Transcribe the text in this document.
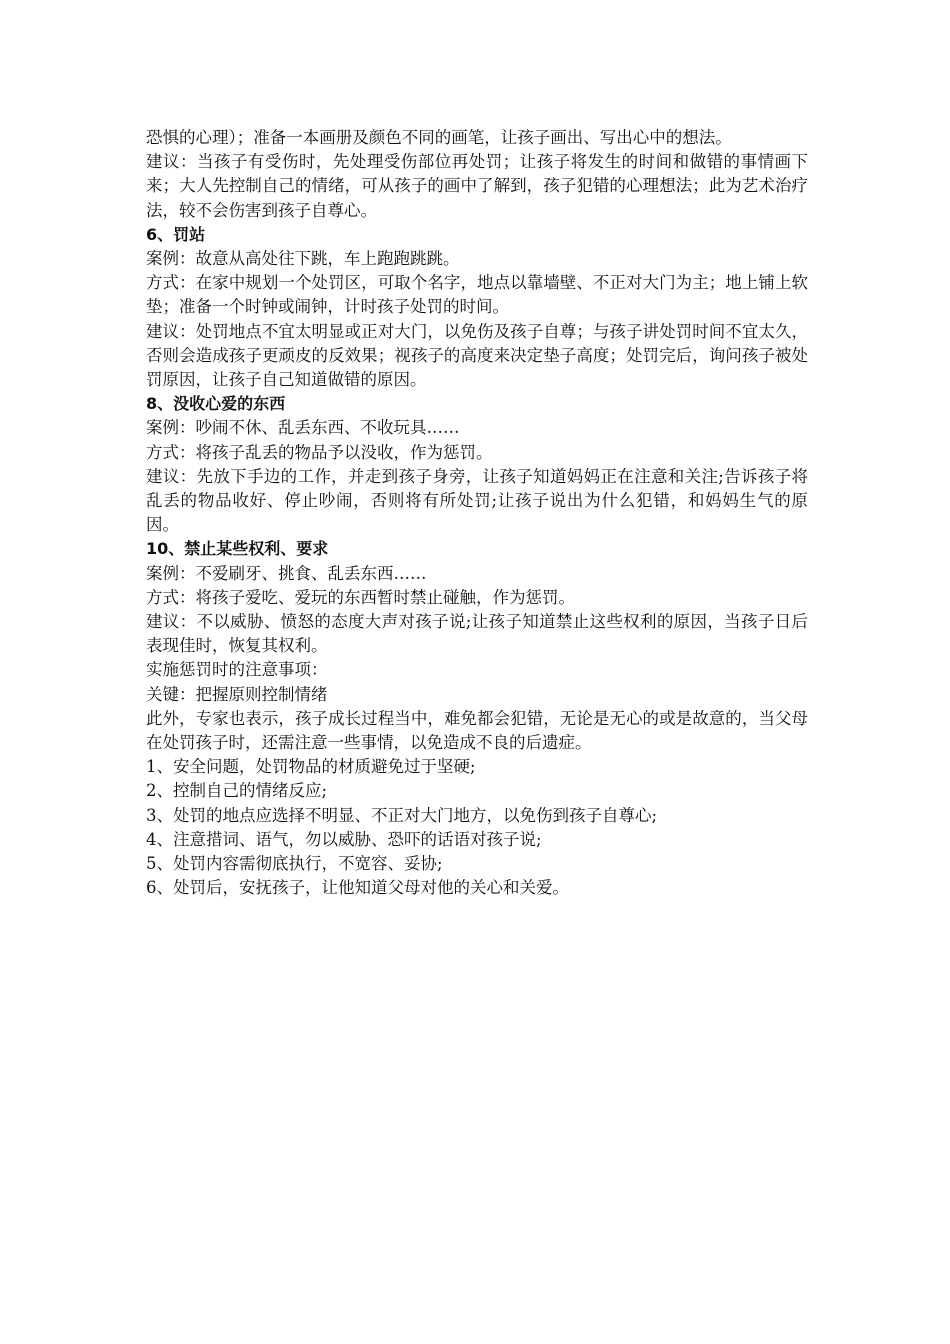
恐惧的心理）；准备一本画册及颜色不同的画笔，让孩子画出、写出心中的想法。

建议：当孩子有受伤时，先处理受伤部位再处罚；让孩子将发生的时间和做错的事情画下来；大人先控制自己的情绪，可从孩子的画中了解到，孩子犯错的心理想法；此为艺术治疗法，较不会伤害到孩子自尊心。

6、罚站

案例：故意从高处往下跳，车上跑跑跳跳。

方式：在家中规划一个处罚区，可取个名字，地点以靠墙壁、不正对大门为主；地上铺上软垫；准备一个时钟或闹钟，计时孩子处罚的时间。

建议：处罚地点不宜太明显或正对大门，以免伤及孩子自尊；与孩子讲处罚时间不宜太久，否则会造成孩子更顽皮的反效果；视孩子的高度来决定垫子高度；处罚完后，询问孩子被处罚原因，让孩子自己知道做错的原因。

8、没收心爱的东西

案例：吵闹不休、乱丢东西、不收玩具……

方式：将孩子乱丢的物品予以没收，作为惩罚。

建议：先放下手边的工作，并走到孩子身旁，让孩子知道妈妈正在注意和关注;告诉孩子将乱丢的物品收好、停止吵闹，否则将有所处罚;让孩子说出为什么犯错，和妈妈生气的原因。

10、禁止某些权利、要求

案例：不爱刷牙、挑食、乱丢东西……

方式：将孩子爱吃、爱玩的东西暂时禁止碰触，作为惩罚。

建议：不以威胁、愤怒的态度大声对孩子说;让孩子知道禁止这些权利的原因，当孩子日后表现佳时，恢复其权利。

实施惩罚时的注意事项：

关键：把握原则控制情绪

此外，专家也表示，孩子成长过程当中，难免都会犯错，无论是无心的或是故意的，当父母在处罚孩子时，还需注意一些事情，以免造成不良的后遗症。

1、安全问题，处罚物品的材质避免过于坚硬;

2、控制自己的情绪反应;

3、处罚的地点应选择不明显、不正对大门地方，以免伤到孩子自尊心;

4、注意措词、语气，勿以威胁、恐吓的话语对孩子说;

5、处罚内容需彻底执行，不宽容、妥协;

6、处罚后，安抚孩子，让他知道父母对他的关心和关爱。
